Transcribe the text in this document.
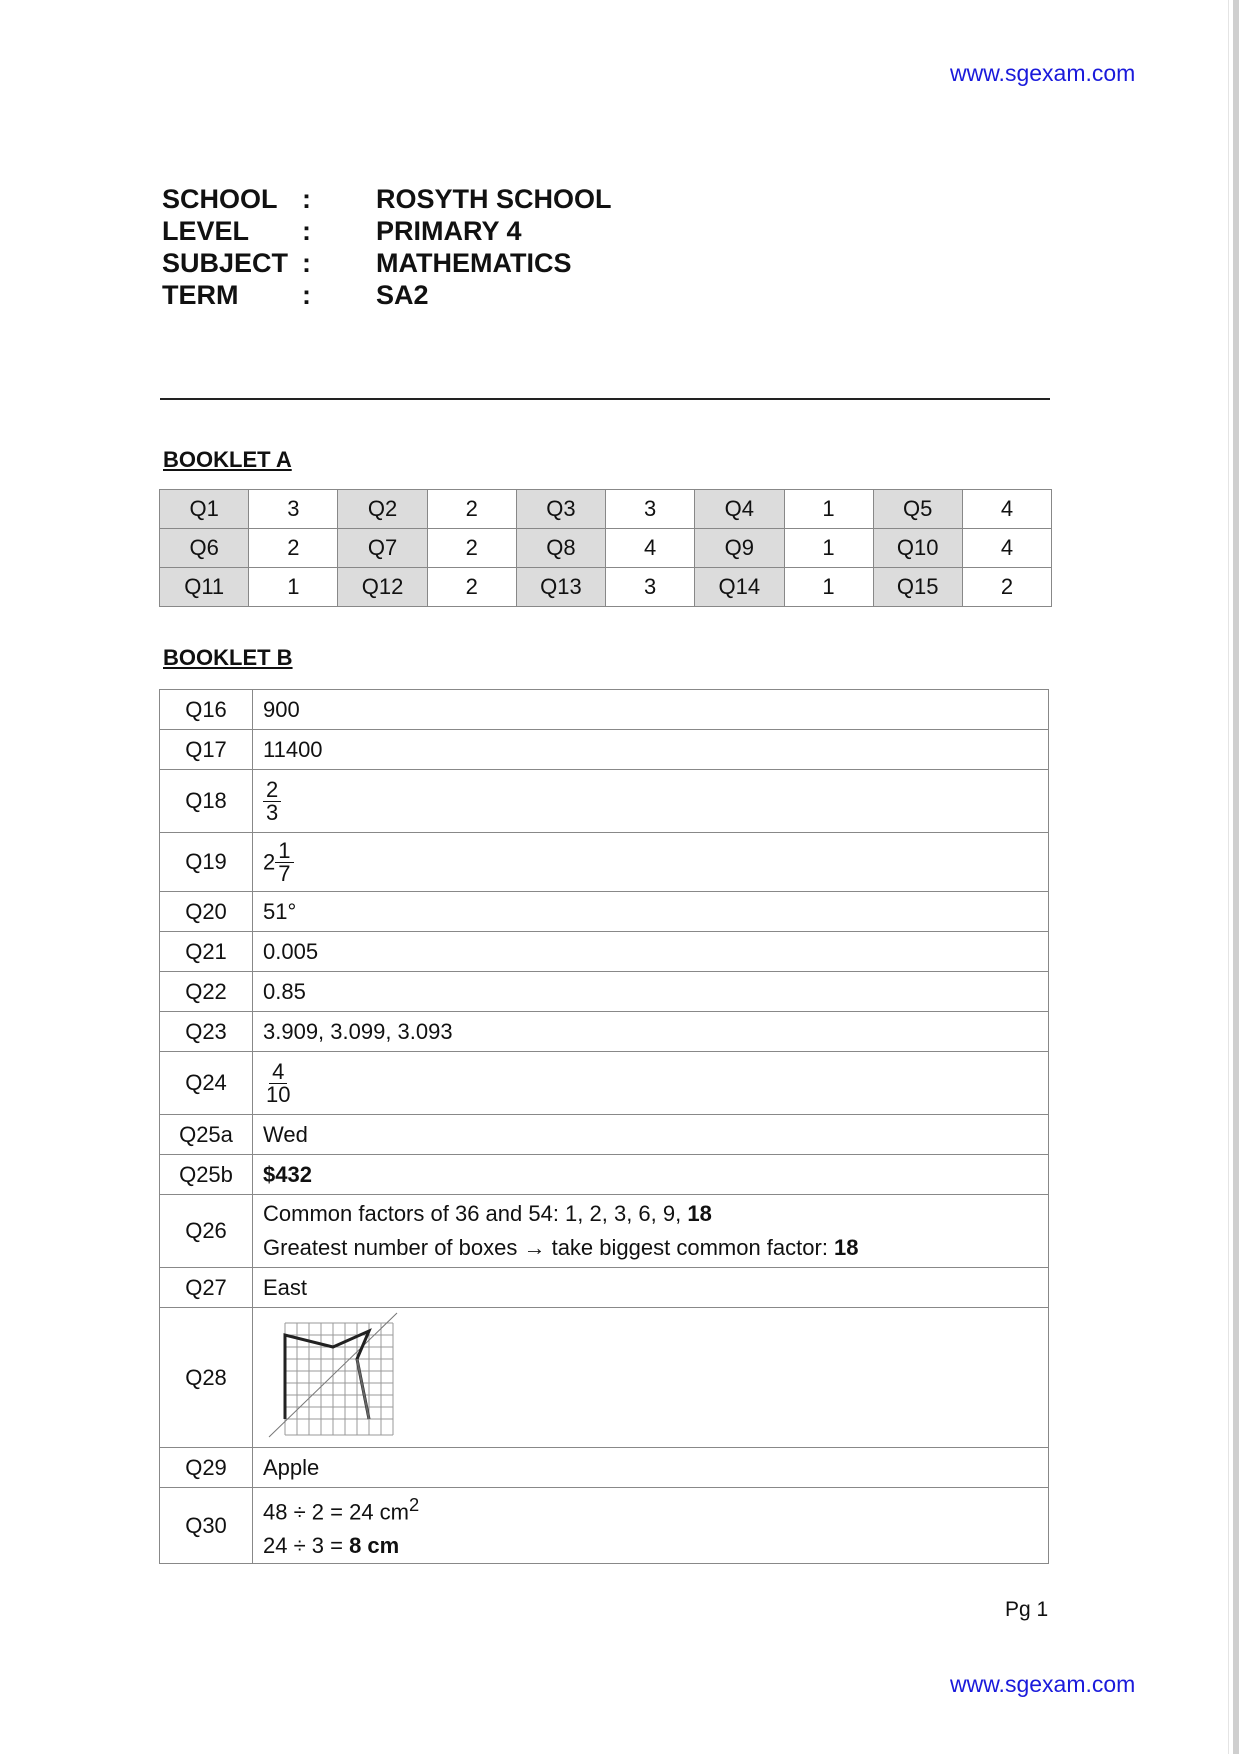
www.sgexam.com
SCHOOL :	ROSYTH SCHOOL
LEVEL	:	PRIMARY 4
SUBJECT :	MATHEMATICS
TERM	:	SA2
BOOKLET A
Q1	3	Q2	2	Q3	3	Q4	1	Q5	4
Q6	2	Q7	2	Q8	4	Q9	1	Q10	4
Q11	1	Q12	2	Q13	3	Q14	1	Q15	2
BOOKLET B
Q16	900
Q17	11400
Q18	$\frac{2}{3}$

Q19	$2 \frac{1}{7}$

Q20	51°
Q21	0.005
Q22	0.85
Q23	3.909, 3.099, 3.093
Q24	$\frac{4}{10}$

Q25a	Wed
Q25b	$432
Q26	Common factors of 36 and 54: 1, 2, 3, 6, 9, 18
Greatest number of boxes → take biggest common factor: 18

Q27	East
Q28	
Q29	Apple
Q30	48 ÷ 2 = 24 $cm^2$
24 ÷ 3 = 8 cm
Pg 1
www.sgexam.com
